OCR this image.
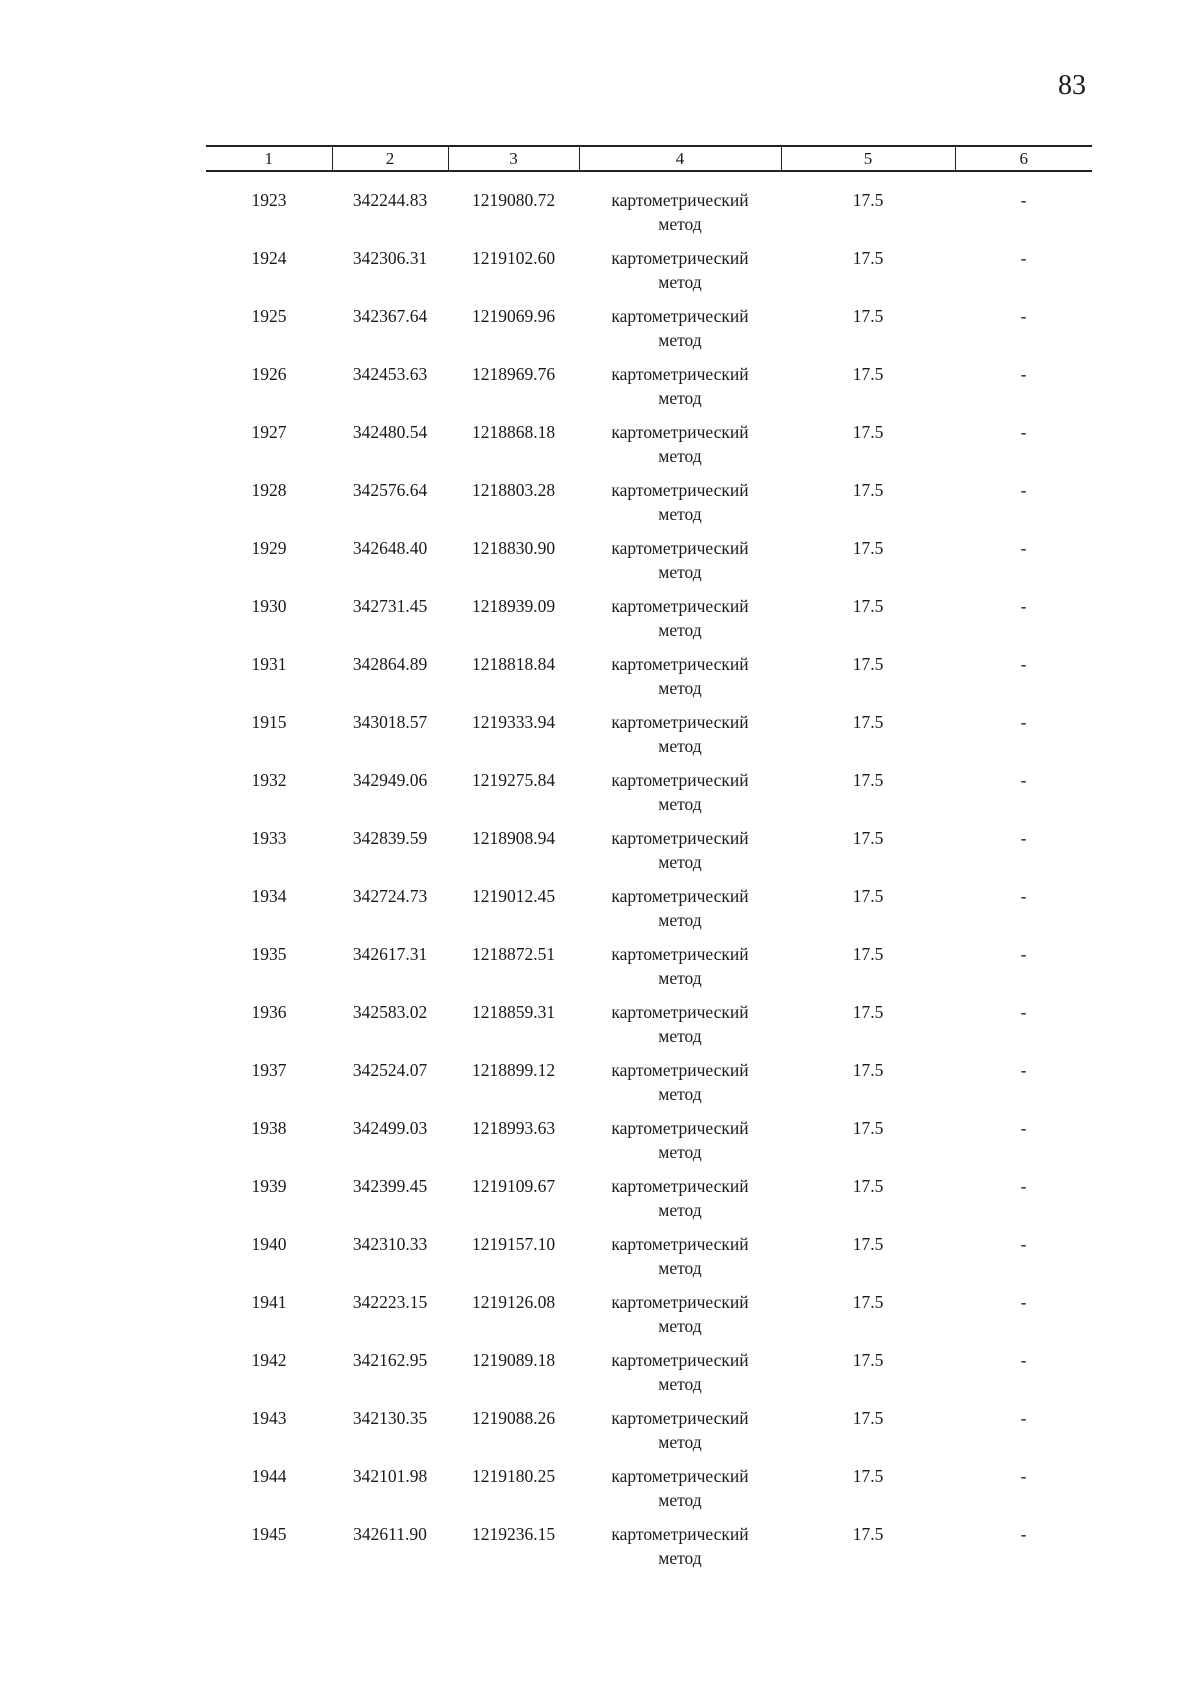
83
1	2	3	4	5	6
1923	342244.83	1219080.72	картометрический
метод	17.5	-
1924	342306.31	1219102.60	картометрический
метод	17.5	-
1925	342367.64	1219069.96	картометрический
метод	17.5	-
1926	342453.63	1218969.76	картометрический
метод	17.5	-
1927	342480.54	1218868.18	картометрический
метод	17.5	-
1928	342576.64	1218803.28	картометрический
метод	17.5	-
1929	342648.40	1218830.90	картометрический
метод	17.5	-
1930	342731.45	1218939.09	картометрический
метод	17.5	-
1931	342864.89	1218818.84	картометрический
метод	17.5	-
1915	343018.57	1219333.94	картометрический
метод	17.5	-
1932	342949.06	1219275.84	картометрический
метод	17.5	-
1933	342839.59	1218908.94	картометрический
метод	17.5	-
1934	342724.73	1219012.45	картометрический
метод	17.5	-
1935	342617.31	1218872.51	картометрический
метод	17.5	-
1936	342583.02	1218859.31	картометрический
метод	17.5	-
1937	342524.07	1218899.12	картометрический
метод	17.5	-
1938	342499.03	1218993.63	картометрический
метод	17.5	-
1939	342399.45	1219109.67	картометрический
метод	17.5	-
1940	342310.33	1219157.10	картометрический
метод	17.5	-
1941	342223.15	1219126.08	картометрический
метод	17.5	-
1942	342162.95	1219089.18	картометрический
метод	17.5	-
1943	342130.35	1219088.26	картометрический
метод	17.5	-
1944	342101.98	1219180.25	картометрический
метод	17.5	-
1945	342611.90	1219236.15	картометрический
метод	17.5	-
